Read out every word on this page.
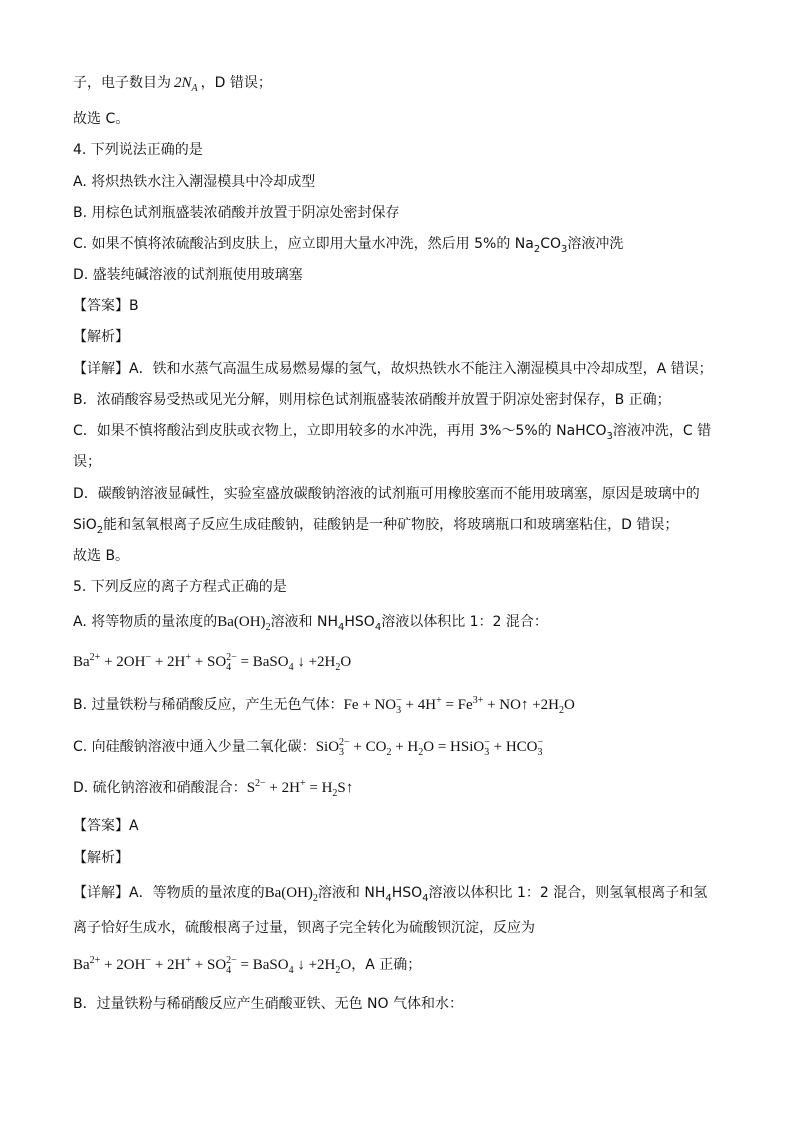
子，电子数目为 $2N_A$ ，D 错误；
故选 C。
4. 下列说法正确的是
A. 将炽热铁水注入潮湿模具中冷却成型
B. 用棕色试剂瓶盛装浓硝酸并放置于阴凉处密封保存
C. 如果不慎将浓硫酸沾到皮肤上，应立即用大量水冲洗，然后用 5%的 $Na_2CO_3$溶液冲洗
D. 盛装纯碱溶液的试剂瓶使用玻璃塞
【答案】B
【解析】
【详解】A．铁和水蒸气高温生成易燃易爆的氢气，故炽热铁水不能注入潮湿模具中冷却成型，A 错误；
B．浓硝酸容易受热或见光分解，则用棕色试剂瓶盛装浓硝酸并放置于阴凉处密封保存，B 正确；
C．如果不慎将酸沾到皮肤或衣物上，立即用较多的水冲洗，再用 3%～5%的 NaHCO$_3$溶液冲洗，C 错
误；
D．碳酸钠溶液显碱性，实验室盛放碳酸钠溶液的试剂瓶可用橡胶塞而不能用玻璃塞，原因是玻璃中的
SiO$_2$能和氢氧根离子反应生成硅酸钠，硅酸钠是一种矿物胶，将玻璃瓶口和玻璃塞粘住，D 错误；
故选 B。
5. 下列反应的离子方程式正确的是
A. 将等物质的量浓度的$Ba(OH)_2$溶液和 $NH_4HSO_4$溶液以体积比 1：2 混合：
$Ba^{2+} + 2OH^- + 2H^+ + SO_4^{2-}$ = BaSO$_4$ ↓ $+2H_2O$
B. 过量铁粉与稀硝酸反应，产生无色气体：$Fe + NO_3^- + 4H^+ = Fe^{3+}$ + NO↑ $+2H_2O$
C. 向硅酸钠溶液中通入少量二氧化碳：$SiO_3^{2-} + CO_2 + H_2O$ = HSiO$_3$− + $HCO_3^-$
D. 硫化钠溶液和硝酸混合：$S^{2-} + 2H^+$ = $H_2S↑$
【答案】A
【解析】
【详解】A．等物质的量浓度的$Ba(OH)_2$溶液和 $NH_4HSO_4$溶液以体积比 1：2 混合，则氢氧根离子和氢
离子恰好生成水，硫酸根离子过量，钡离子完全转化为硫酸钡沉淀，反应为
$Ba^{2+} + 2OH^- + 2H^+ + SO_4^{2-}$ = BaSO$_4$ ↓ $+2H_2O$，A 正确；
B．过量铁粉与稀硝酸反应产生硝酸亚铁、无色 NO 气体和水：
